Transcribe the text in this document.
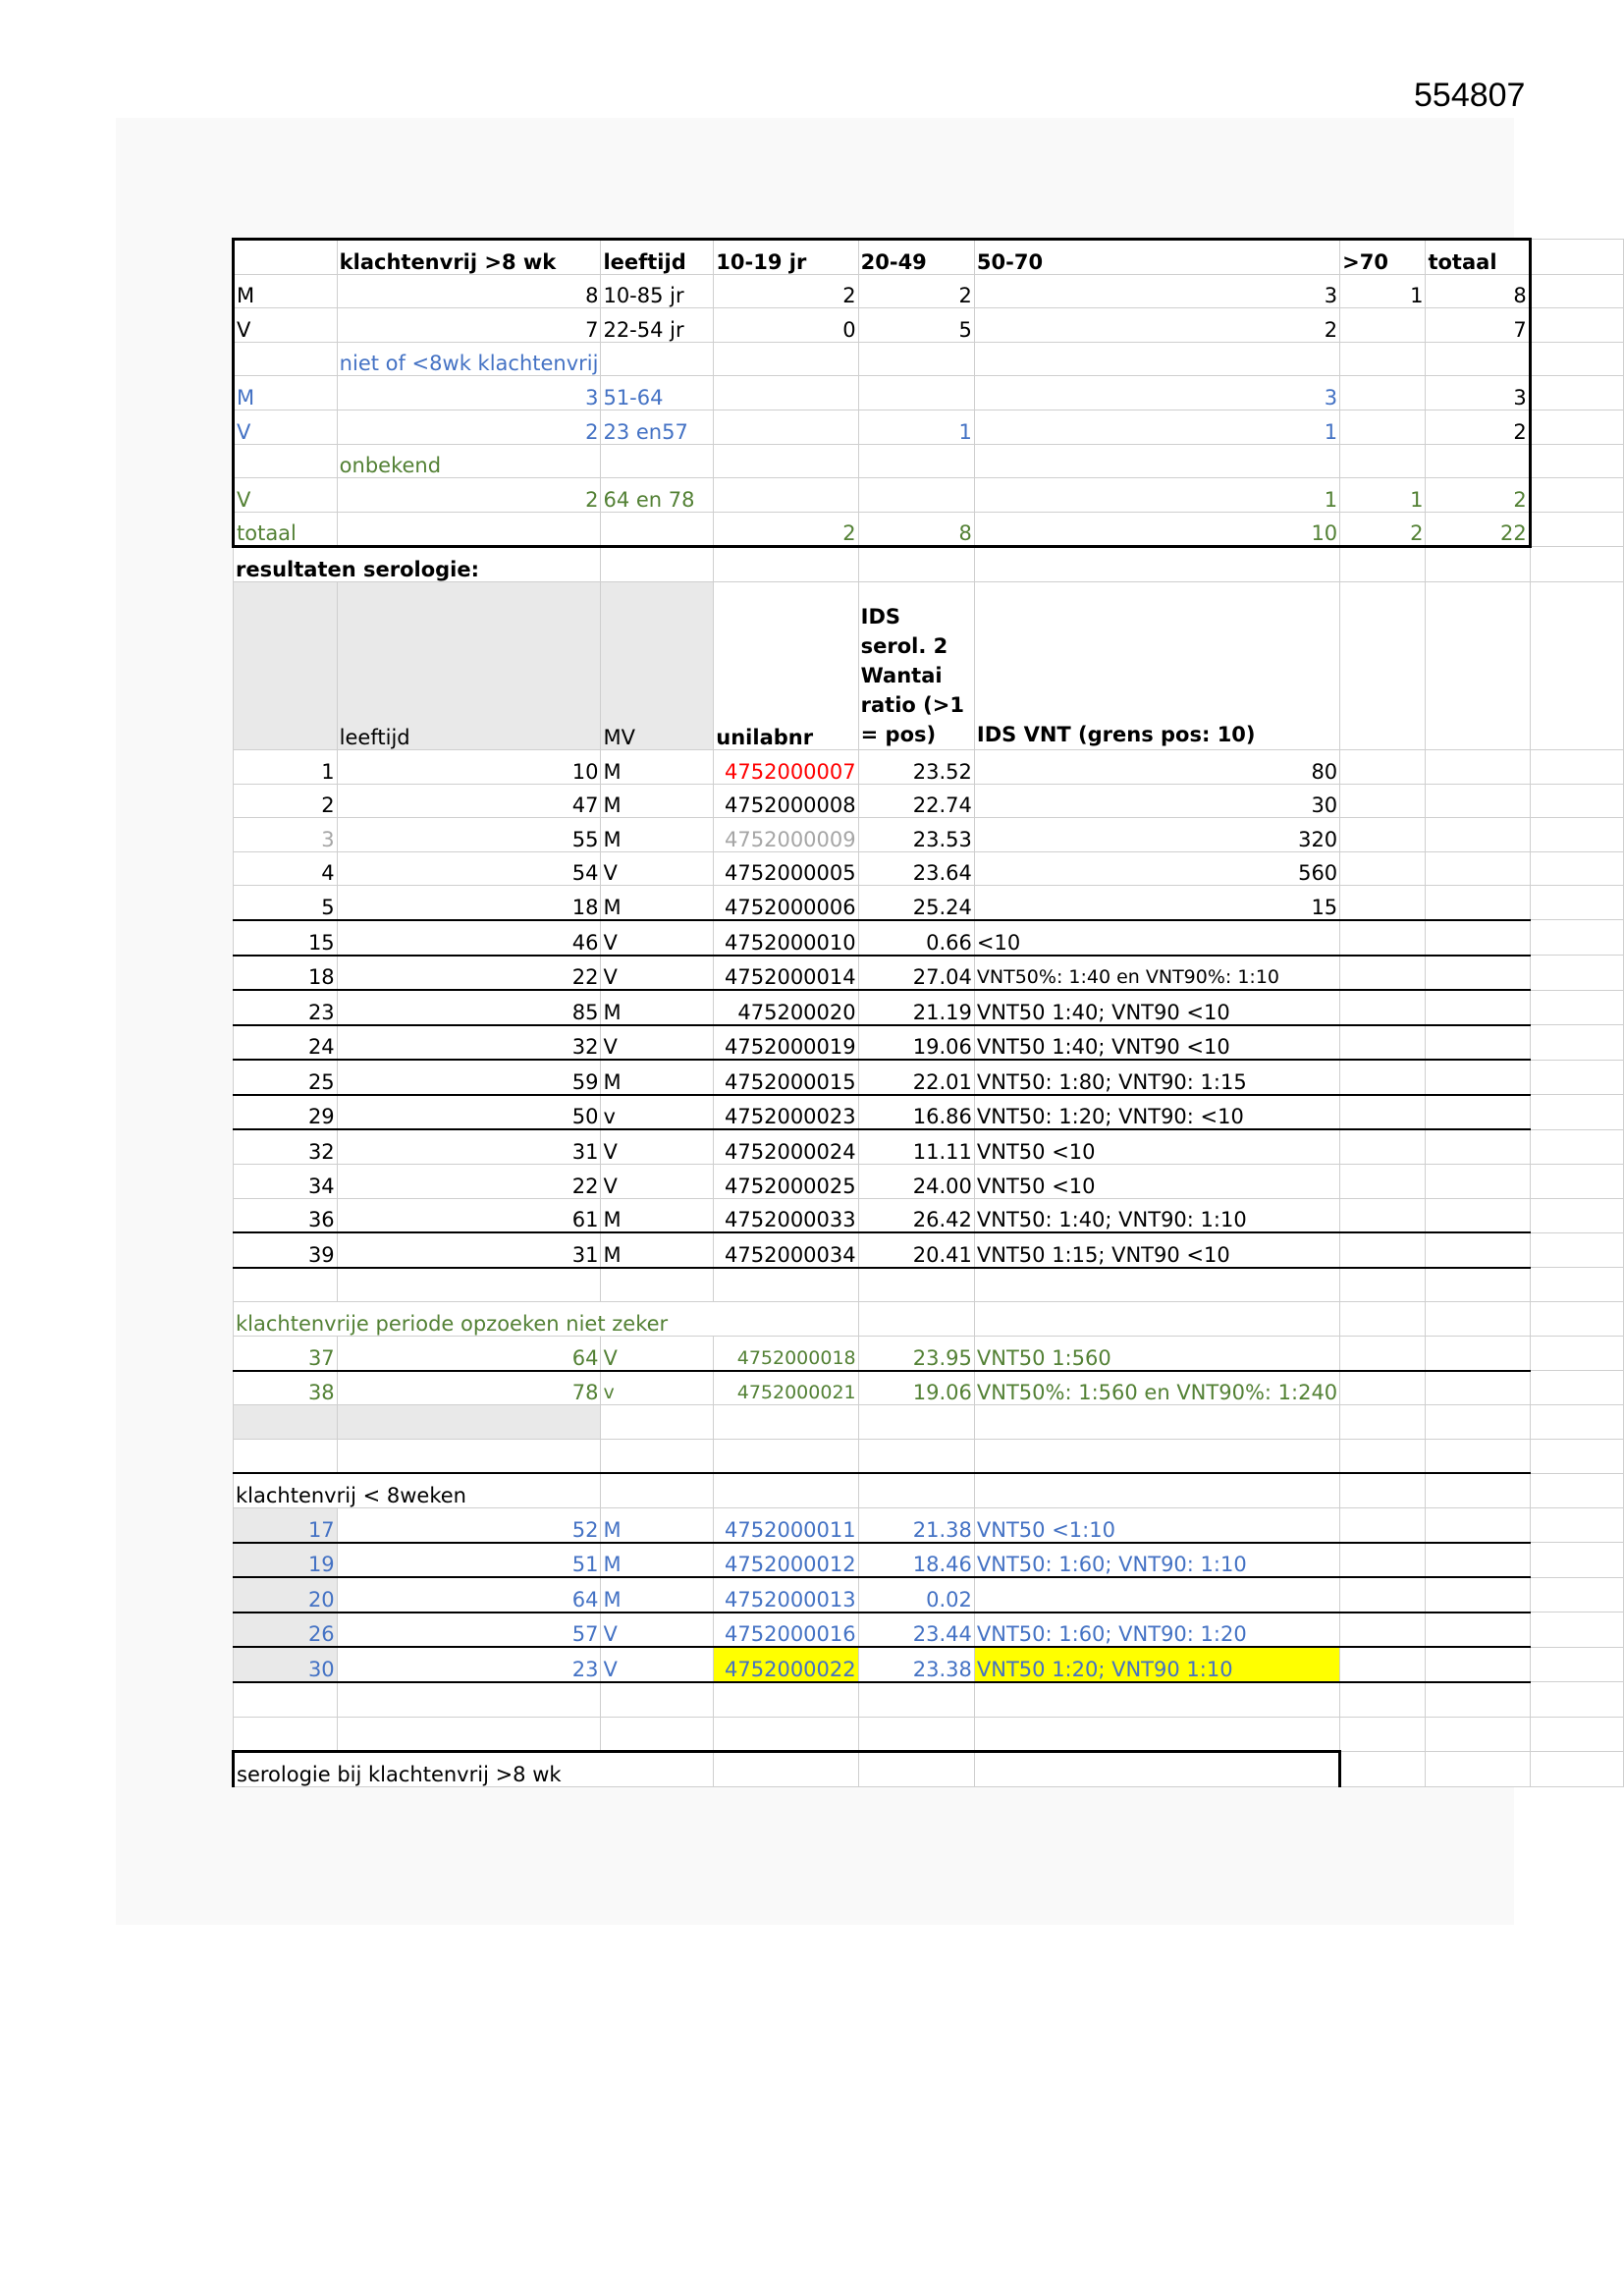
554807
	klachtenvrij >8 wk	leeftijd	10-19 jr	20-49	50-70	>70	totaal	
M	8	10-85 jr	2	2	3	1	8	
V	7	22-54 jr	0	5	2		7	
	niet of <8wk klachtenvrij							
M	3	51-64			3		3	
V	2	23 en57		1	1		2	
	onbekend							
V	2	64 en 78			1	1	2	
totaal			2	8	10	2	22	
resultaten serologie:								
	leeftijd	MV	unilabnr	IDS serol. 2 Wantai ratio (>1 = pos)	IDS VNT (grens pos: 10)			
1	10	M	4752000007	23.52	80			
2	47	M	4752000008	22.74	30			
3	55	M	4752000009	23.53	320			
4	54	V	4752000005	23.64	560			
5	18	M	4752000006	25.24	15			
15	46	V	4752000010	0.66	<10			
18	22	V	4752000014	27.04	VNT50%: 1:40 en VNT90%: 1:10			
23	85	M	475200020	21.19	VNT50 1:40; VNT90 <10			
24	32	V	4752000019	19.06	VNT50 1:40; VNT90 <10			
25	59	M	4752000015	22.01	VNT50: 1:80; VNT90: 1:15			
29	50	v	4752000023	16.86	VNT50: 1:20; VNT90: <10			
32	31	V	4752000024	11.11	VNT50 <10			
34	22	V	4752000025	24.00	VNT50 <10			
36	61	M	4752000033	26.42	VNT50: 1:40; VNT90: 1:10			
39	31	M	4752000034	20.41	VNT50 1:15; VNT90 <10			

klachtenvrije periode opzoeken niet zeker								
37	64	V	4752000018	23.95	VNT50 1:560			
38	78	v	4752000021	19.06	VNT50%: 1:560 en VNT90%: 1:240			

klachtenvrij < 8weken								
17	52	M	4752000011	21.38	VNT50 <1:10			
19	51	M	4752000012	18.46	VNT50: 1:60; VNT90: 1:10			
20	64	M	4752000013	0.02				
26	57	V	4752000016	23.44	VNT50: 1:60; VNT90: 1:20			
30	23	V	4752000022	23.38	VNT50 1:20; VNT90 1:10			

serologie bij klachtenvrij >8 wk								
